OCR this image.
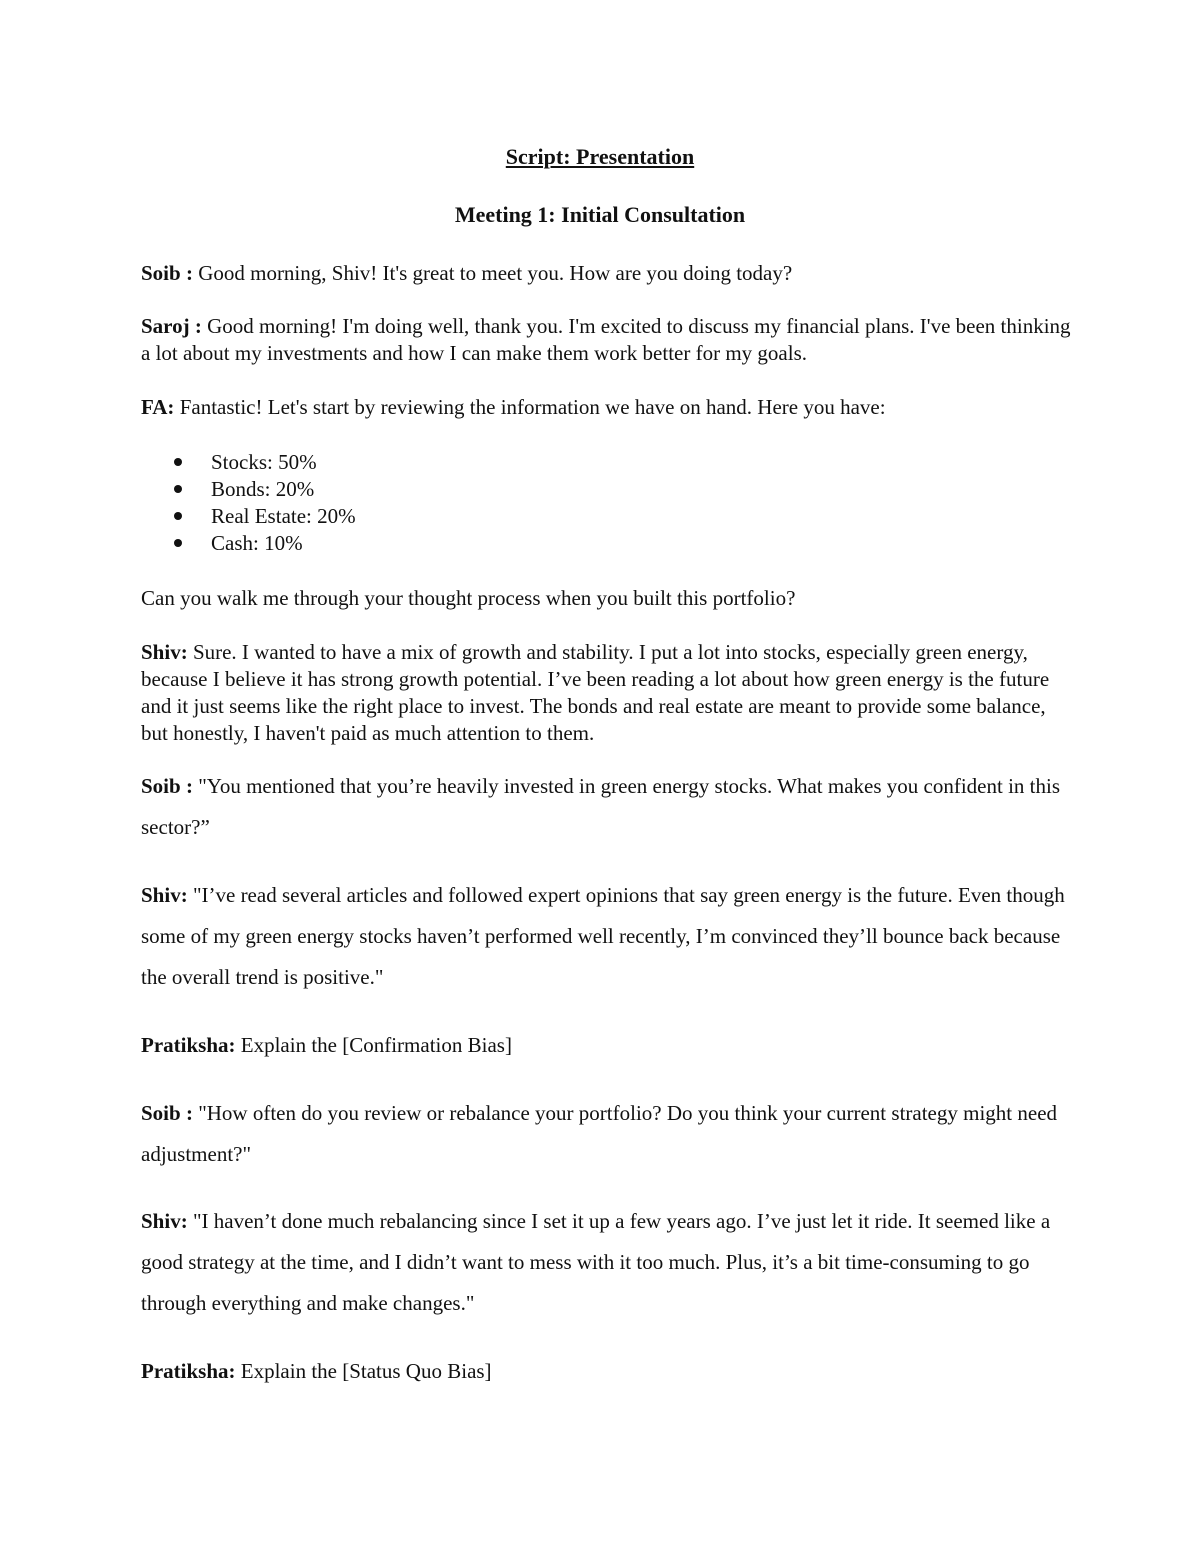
Script: Presentation
Meeting 1: Initial Consultation
Soib : Good morning, Shiv! It's great to meet you. How are you doing today?
Saroj : Good morning! I'm doing well, thank you. I'm excited to discuss my financial plans. I've been thinking a lot about my investments and how I can make them work better for my goals.
FA: Fantastic! Let's start by reviewing the information we have on hand. Here you have:
Stocks: 50%
Bonds: 20%
Real Estate: 20%
Cash: 10%
Can you walk me through your thought process when you built this portfolio?
Shiv: Sure. I wanted to have a mix of growth and stability. I put a lot into stocks, especially green energy, because I believe it has strong growth potential. I’ve been reading a lot about how green energy is the future and it just seems like the right place to invest. The bonds and real estate are meant to provide some balance, but honestly, I haven't paid as much attention to them.
Soib : "You mentioned that you’re heavily invested in green energy stocks. What makes you confident in this sector?”
Shiv: "I’ve read several articles and followed expert opinions that say green energy is the future. Even though some of my green energy stocks haven’t performed well recently, I’m convinced they’ll bounce back because the overall trend is positive."
Pratiksha: Explain the [Confirmation Bias]
Soib : "How often do you review or rebalance your portfolio? Do you think your current strategy might need adjustment?"
Shiv: "I haven’t done much rebalancing since I set it up a few years ago. I’ve just let it ride. It seemed like a good strategy at the time, and I didn’t want to mess with it too much. Plus, it’s a bit time-consuming to go through everything and make changes."
Pratiksha: Explain the [Status Quo Bias]
